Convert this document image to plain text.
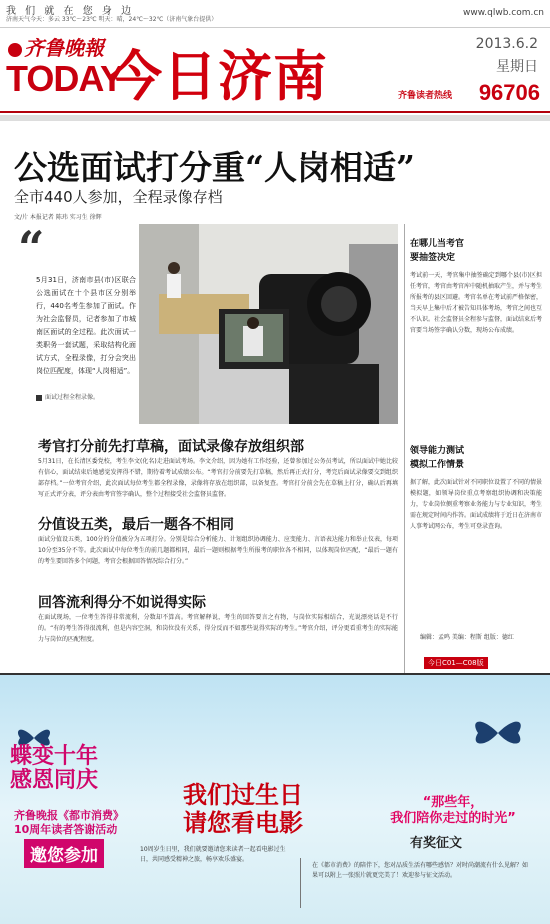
我 们 就 在 您 身 边
济南天气今天：多云 33℃～23℃ 明天：晴，24℃～32℃（济南气象台提供）
www.qlwb.com.cn
齐鲁晚報
TODAY
今日济南	2013.6.2
星期日
齐鲁读者热线 96706
公选面试打分重“人岗相适”
全市440人参加，全程录像存档
文/片 本报记者 陈玮 实习生 徐辉
“
5月31日，济南市县(市)区联合公选面试在十个县市区分别举行，440名考生参加了面试。作为社会监督员，记者参加了市城南区面试的全过程。此次面试一类职务一套试题，采取结构化面试方式，全程录像，打分会突出岗位匹配度，体现“人岗相适”。
面试过程全程录像。
考官打分前先打草稿，面试录像存放组织部
5月31日，在长清区委党校，考生李文(化名)走进面试考场。李文介绍，因为她有工作经验，还曾参加过公务员考试，所以面试中她比较有信心，面试结束后她感觉发挥得不错，期待着考试成绩公布。“考官打分前要先打草稿，然后再正式打分，考完后面试录像要交到组织部存档。”一位考官介绍，此次面试每位考生都全程录像，录像将存放在组织部，以备复查。考官打分前会先在草稿上打分，确认后再填写正式评分表，评分表由考官签字确认，整个过程接受社会监督员监督。
分值设五类，最后一题各不相同
面试分值设五类，100分的分值被分为五项打分。分别是综合分析能力、计划组织协调能力、应变能力、言语表达能力和举止仪表，每项10分至35分不等。此次面试中每位考生的前几题都相同，最后一题则根据考生所报考的职位各不相同，以体现岗位匹配，“最后一题有的考生要回答多个问题，考官会根据回答情况综合打分。”
回答流利得分不如说得实际
在面试现场，一位考生答得非常流利，分数却不算高。考官解释说，考生的回答要言之有物，与岗位实际相结合，光说漂亮话是不行的。“有的考生答得很流利，但是内容空洞，和岗位没有关系，得分反而不如那些说得实际的考生。”考官介绍，评分更看重考生的实际能力与岗位的匹配程度。
在哪儿当考官
要抽签决定
考试前一天，考官集中抽签确定到哪个县(市)区担任考官，考官由考官库中随机抽取产生，并与考生所报考的县区回避。考官名单在考试前严格保密，当天早上集中后才被告知具体考场，考官之间也互不认识。社会监督员全程参与监督，面试结束后考官要当场签字确认分数，现场公布成绩。
领导能力测试
模拟工作情景
据了解，此次面试针对不同职位设置了不同的情景模拟题，如领导岗位重点考察组织协调和决策能力，专业岗位侧重考察业务能力与专业知识，考生需在规定时间内作答。面试成绩将于近日在济南市人事考试网公布，考生可登录查询。
编辑：孟鸣 美编：程斯 组版：德红
今日C01—C08版
蝶变十年
感恩同庆
齐鲁晚报《都市消费》
10周年读者答谢活动
邀您参加
我们过生日
请您看电影
“那些年，
我们陪你走过的时光”
有奖征文
10周岁生日里，我们就要邀请您来读者一起看电影过生日，共同感受精神之旅，畅享欢乐盛宴。
在《都市消费》的陪伴下，您对品质生活有哪些感悟？对时尚潮流有什么见解？如果可以附上一张照片就更完美了！欢迎参与征文活动。
